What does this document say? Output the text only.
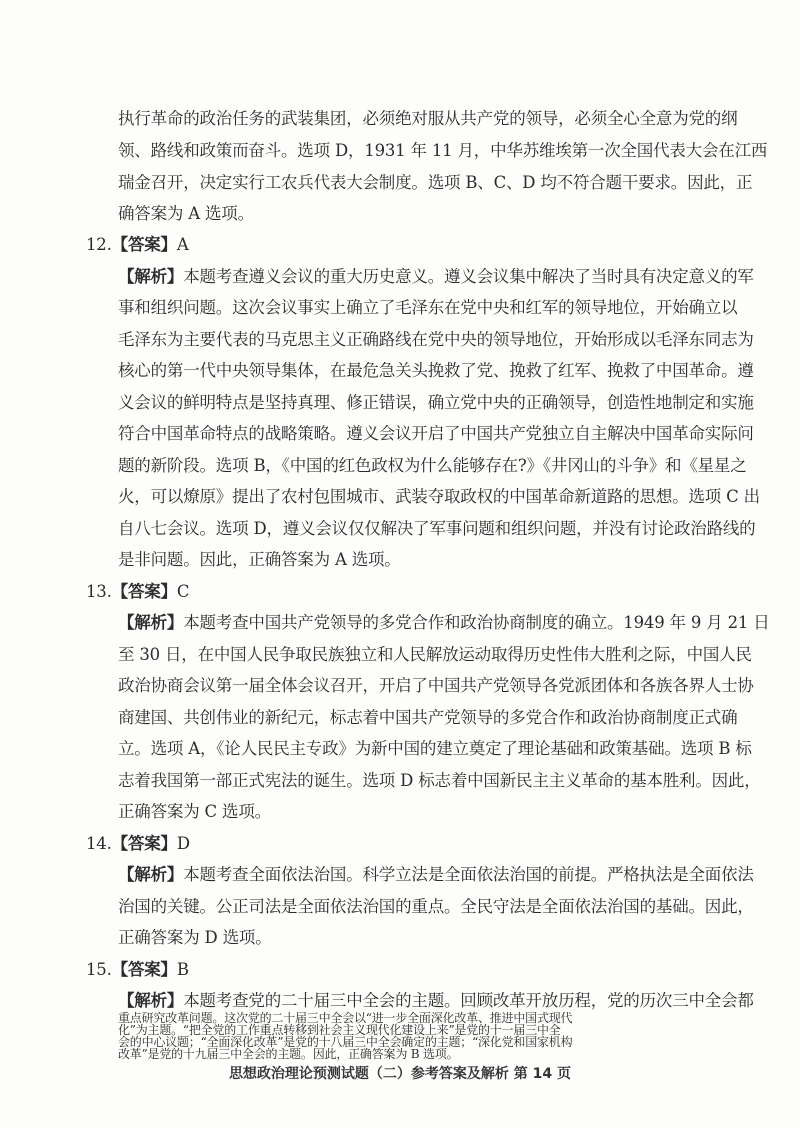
执行革命的政治任务的武装集团，必须绝对服从共产党的领导，必须全心全意为党的纲
领、路线和政策而奋斗。选项 D，1931 年 11 月，中华苏维埃第一次全国代表大会在江西
瑞金召开，决定实行工农兵代表大会制度。选项 B、C、D 均不符合题干要求。因此，正
确答案为 A 选项。
12.【答案】A
【解析】本题考查遵义会议的重大历史意义。遵义会议集中解决了当时具有决定意义的军
事和组织问题。这次会议事实上确立了毛泽东在党中央和红军的领导地位，开始确立以
毛泽东为主要代表的马克思主义正确路线在党中央的领导地位，开始形成以毛泽东同志为
核心的第一代中央领导集体，在最危急关头挽救了党、挽救了红军、挽救了中国革命。遵
义会议的鲜明特点是坚持真理、修正错误，确立党中央的正确领导，创造性地制定和实施
符合中国革命特点的战略策略。遵义会议开启了中国共产党独立自主解决中国革命实际问
题的新阶段。选项 B，《中国的红色政权为什么能够存在?》《井冈山的斗争》和《星星之
火，可以燎原》提出了农村包围城市、武装夺取政权的中国革命新道路的思想。选项 C 出
自八七会议。选项 D，遵义会议仅仅解决了军事问题和组织问题，并没有讨论政治路线的
是非问题。因此，正确答案为 A 选项。
13.【答案】C
【解析】本题考查中国共产党领导的多党合作和政治协商制度的确立。1949 年 9 月 21 日
至 30 日，在中国人民争取民族独立和人民解放运动取得历史性伟大胜利之际，中国人民
政治协商会议第一届全体会议召开，开启了中国共产党领导各党派团体和各族各界人士协
商建国、共创伟业的新纪元，标志着中国共产党领导的多党合作和政治协商制度正式确
立。选项 A，《论人民民主专政》为新中国的建立奠定了理论基础和政策基础。选项 B 标
志着我国第一部正式宪法的诞生。选项 D 标志着中国新民主主义革命的基本胜利。因此，
正确答案为 C 选项。
14.【答案】D
【解析】本题考查全面依法治国。科学立法是全面依法治国的前提。严格执法是全面依法
治国的关键。公正司法是全面依法治国的重点。全民守法是全面依法治国的基础。因此，
正确答案为 D 选项。
15.【答案】B
【解析】本题考查党的二十届三中全会的主题。回顾改革开放历程，党的历次三中全会都
思想政治理论预测试题（二）参考答案及解析 第 14 页
重点研究改革问题。这次党的二十届三中全会以“进一步全面深化改革、推进中国式现代
化”为主题。“把全党的工作重点转移到社会主义现代化建设上来”是党的十一届三中全
会的中心议题；“全面深化改革”是党的十八届三中全会确定的主题；“深化党和国家机构
改革”是党的十九届三中全会的主题。因此，正确答案为 B 选项。
